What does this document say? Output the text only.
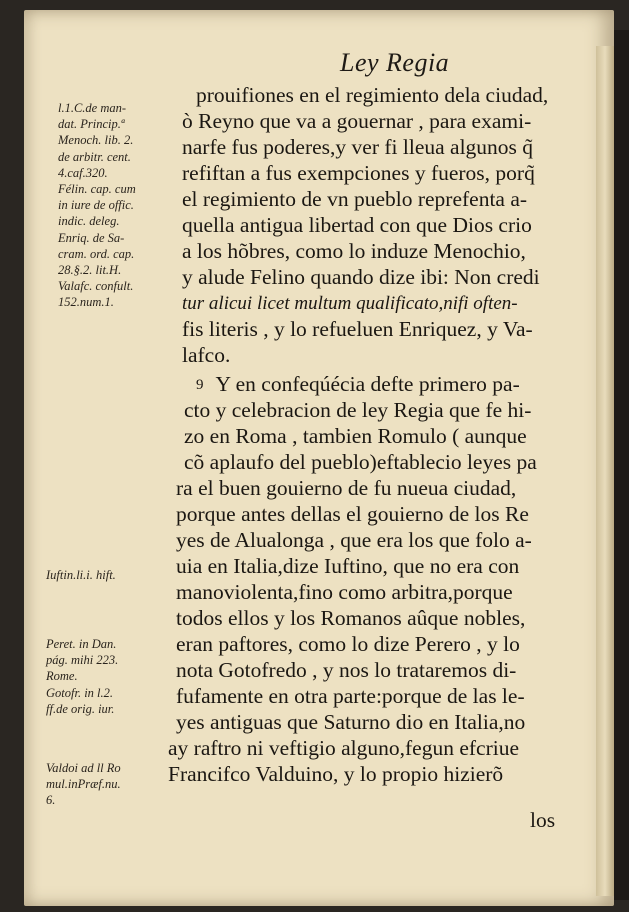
Ley Regia
l.1.C.de man-
dat. Princip.ª
Menoch. lib. 2.
de arbitr. cent.
4.caf.320.
Félin. cap. cum
in iure de offic.
indic. deleg.
Enriq. de Sa-
cram. ord. cap.
28.§.2. lit.H.
Valafc. confult.
152.num.1.
Iuftin.li.i. hift.
Peret. in Dan.
pág. mihi 223.
Rome.
Gotofr. in l.2.
ff.de orig. iur.
Valdoi ad ll Ro
mul.inPræf.nu.
6.
prouifiones en el regimiento dela ciudad,
ò Reyno que va a gouernar , para exami-
narfe fus poderes,y ver fi lleua algunos q̃
refiftan a fus exempciones y fueros, porq̃
el regimiento de vn pueblo reprefenta a-
quella antigua libertad con que Dios crio
a los hõbres, como lo induze Menochio,
y alude Felino quando dize ibi: Non credi
tur alicui licet multum qualificato,nifi often-
fis literis , y lo refueluen Enriquez, y Va-
lafco.
9 Y en confeqúécia defte primero pa-
cto y celebracion de ley Regia que fe hi-
zo en Roma , tambien Romulo ( aunque
cõ aplaufo del pueblo)eftablecio leyes pa
ra el buen gouierno de fu nueua ciudad,
porque antes dellas el gouierno de los Re
yes de Alualonga , que era los que folo a-
uia en Italia,dize Iuftino, que no era con
manoviolenta,fino como arbitra,porque
todos ellos y los Romanos aûque nobles,
eran paftores, como lo dize Perero , y lo
nota Gotofredo , y nos lo trataremos di-
fufamente en otra parte:porque de las le-
yes antiguas que Saturno dio en Italia,no
ay raftro ni veftigio alguno,fegun efcriue
Francifco Valduino, y lo propio hizierõ
los
